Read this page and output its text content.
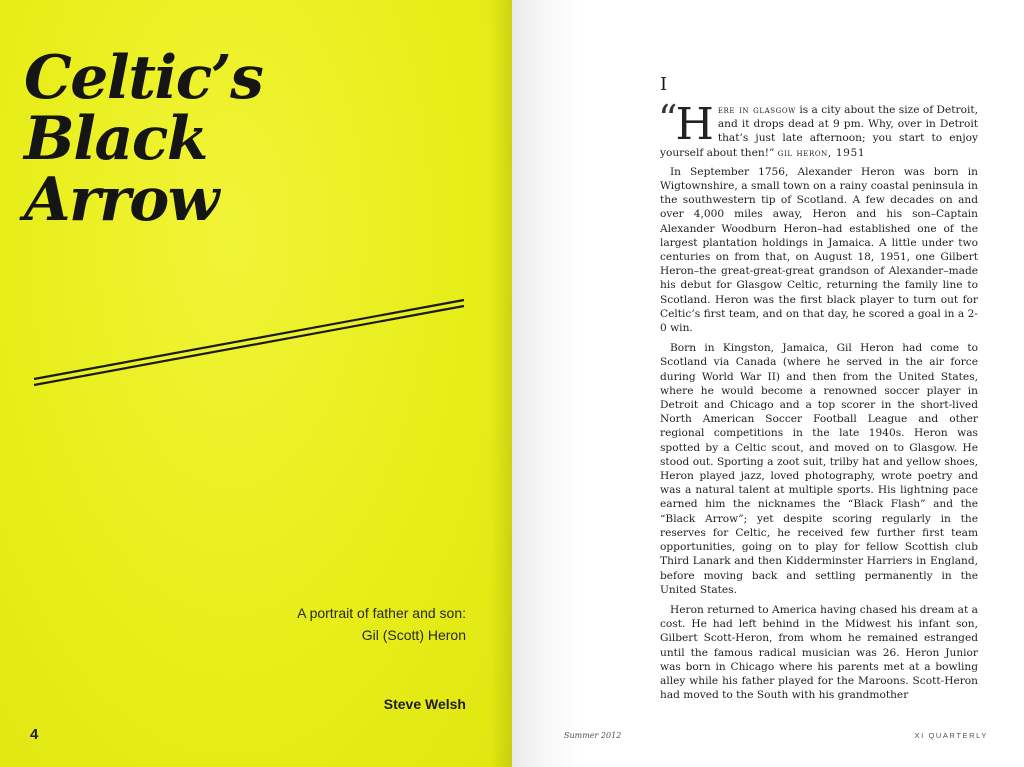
Celtic’s
Black
Arrow
A portrait of father and son:
Gil (Scott) Heron
Steve Welsh
4
I

“ H ere in glasgow is a city about the size of Detroit, and it drops dead at 9 pm. Why, over in Detroit that’s just late afternoon; you start to enjoy yourself about then!” gil heron, 1951

In September 1756, Alexander Heron was born in Wigtownshire, a small town on a rainy coastal peninsula in the southwestern tip of Scotland. A few decades on and over 4,000 miles away, Heron and his son–Captain Alexander Woodburn Heron–had established one of the largest plantation holdings in Jamaica. A little under two centuries on from that, on August 18, 1951, one Gilbert Heron–the great-great-great grandson of Alexander–made his debut for Glasgow Celtic, returning the family line to Scotland. Heron was the first black player to turn out for Celtic’s first team, and on that day, he scored a goal in a 2-0 win.

Born in Kingston, Jamaica, Gil Heron had come to Scotland via Canada (where he served in the air force during World War II) and then from the United States, where he would become a renowned soccer player in Detroit and Chicago and a top scorer in the short-lived North American Soccer Football League and other regional competitions in the late 1940s. Heron was spotted by a Celtic scout, and moved on to Glasgow. He stood out. Sporting a zoot suit, trilby hat and yellow shoes, Heron played jazz, loved photography, wrote poetry and was a natural talent at multiple sports. His lightning pace earned him the nicknames the “Black Flash” and the “Black Arrow”; yet despite scoring regularly in the reserves for Celtic, he received few further first team opportunities, going on to play for fellow Scottish club Third Lanark and then Kidderminster Harriers in England, before moving back and settling permanently in the United States.

Heron returned to America having chased his dream at a cost. He had left behind in the Midwest his infant son, Gilbert Scott-Heron, from whom he remained estranged until the famous radical musician was 26. Heron Junior was born in Chicago where his parents met at a bowling alley while his father played for the Maroons. Scott-Heron had moved to the South with his grandmother

Summer 2012	XI QUARTERLY
